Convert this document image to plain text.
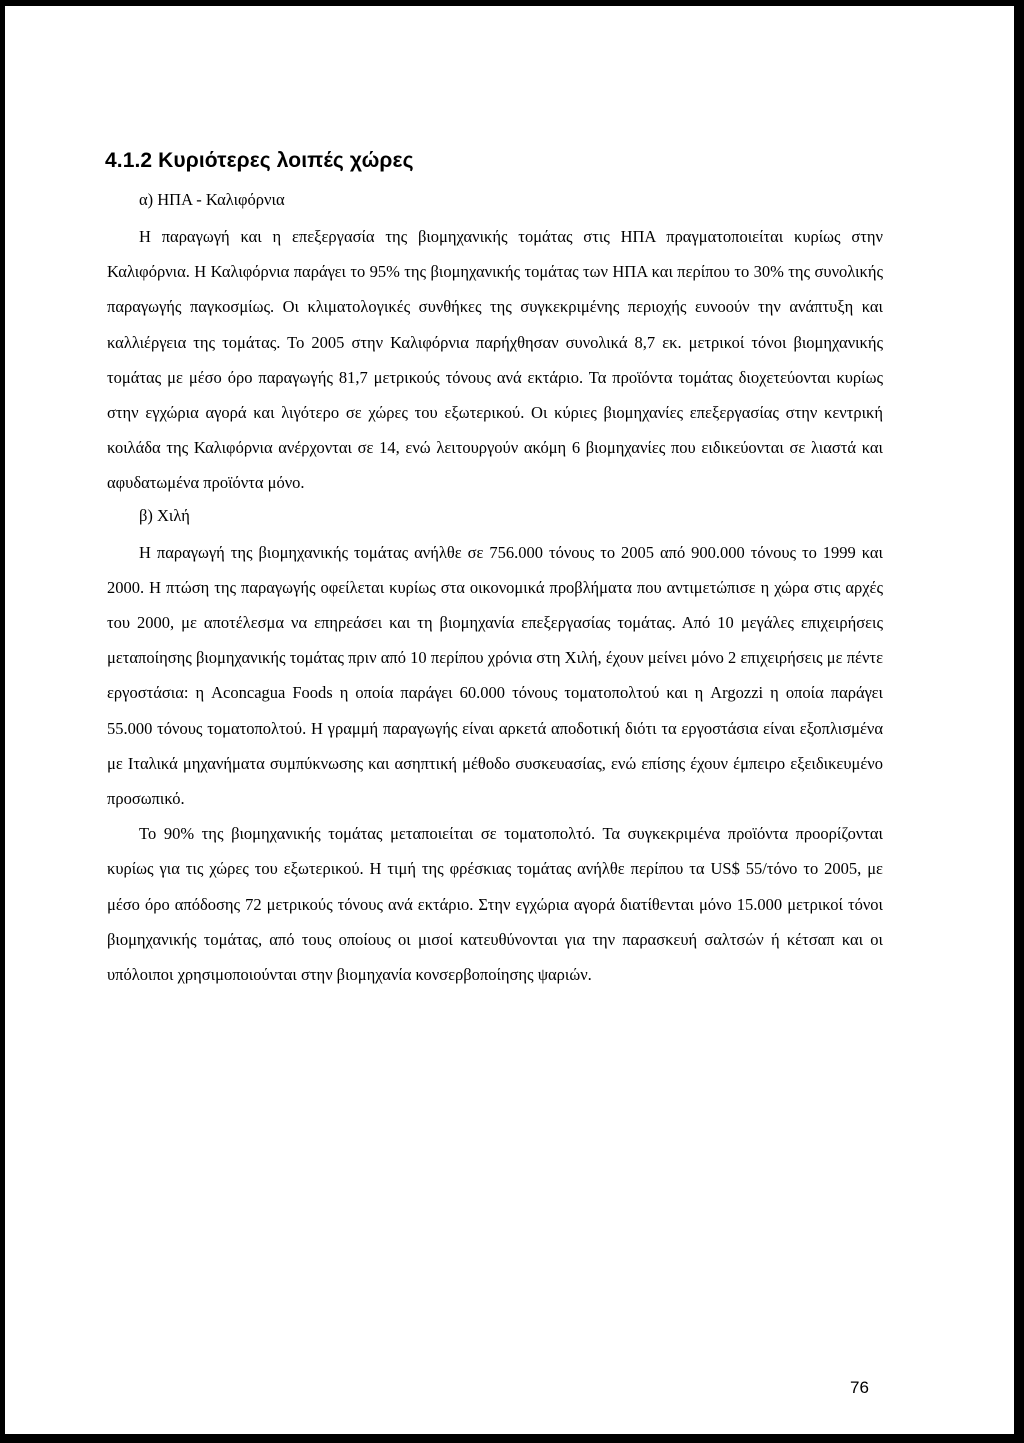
4.1.2 Κυριότερες λοιπές χώρες
α) ΗΠΑ - Καλιφόρνια

Η παραγωγή και η επεξεργασία της βιομηχανικής τομάτας στις ΗΠΑ πραγματοποιείται κυρίως στην Καλιφόρνια. Η Καλιφόρνια παράγει το 95% της βιομηχανικής τομάτας των ΗΠΑ και περίπου το 30% της συνολικής παραγωγής παγκοσμίως. Οι κλιματολογικές συνθήκες της συγκεκριμένης περιοχής ευνοούν την ανάπτυξη και καλλιέργεια της τομάτας. Το 2005 στην Καλιφόρνια παρήχθησαν συνολικά 8,7 εκ. μετρικοί τόνοι βιομηχανικής τομάτας με μέσο όρο παραγωγής 81,7 μετρικούς τόνους ανά εκτάριο. Τα προϊόντα τομάτας διοχετεύονται κυρίως στην εγχώρια αγορά και λιγότερο σε χώρες του εξωτερικού. Οι κύριες βιομηχανίες επεξεργασίας στην κεντρική κοιλάδα της Καλιφόρνια ανέρχονται σε 14, ενώ λειτουργούν ακόμη 6 βιομηχανίες που ειδικεύονται σε λιαστά και αφυδατωμένα προϊόντα μόνο.

β) Χιλή

Η παραγωγή της βιομηχανικής τομάτας ανήλθε σε 756.000 τόνους το 2005 από 900.000 τόνους το 1999 και 2000. Η πτώση της παραγωγής οφείλεται κυρίως στα οικονομικά προβλήματα που αντιμετώπισε η χώρα στις αρχές του 2000, με αποτέλεσμα να επηρεάσει και τη βιομηχανία επεξεργασίας τομάτας. Από 10 μεγάλες επιχειρήσεις μεταποίησης βιομηχανικής τομάτας πριν από 10 περίπου χρόνια στη Χιλή, έχουν μείνει μόνο 2 επιχειρήσεις με πέντε εργοστάσια: η Aconcagua Foods η οποία παράγει 60.000 τόνους τοματοπολτού και η Argozzi η οποία παράγει 55.000 τόνους τοματοπολτού. Η γραμμή παραγωγής είναι αρκετά αποδοτική διότι τα εργοστάσια είναι εξοπλισμένα με Ιταλικά μηχανήματα συμπύκνωσης και ασηπτική μέθοδο συσκευασίας, ενώ επίσης έχουν έμπειρο εξειδικευμένο προσωπικό.

Το 90% της βιομηχανικής τομάτας μεταποιείται σε τοματοπολτό. Τα συγκεκριμένα προϊόντα προορίζονται κυρίως για τις χώρες του εξωτερικού. Η τιμή της φρέσκιας τομάτας ανήλθε περίπου τα US$ 55/τόνο το 2005, με μέσο όρο απόδοσης 72 μετρικούς τόνους ανά εκτάριο. Στην εγχώρια αγορά διατίθενται μόνο 15.000 μετρικοί τόνοι βιομηχανικής τομάτας, από τους οποίους οι μισοί κατευθύνονται για την παρασκευή σαλτσών ή κέτσαπ και οι υπόλοιποι χρησιμοποιούνται στην βιομηχανία κονσερβοποίησης ψαριών.

76
